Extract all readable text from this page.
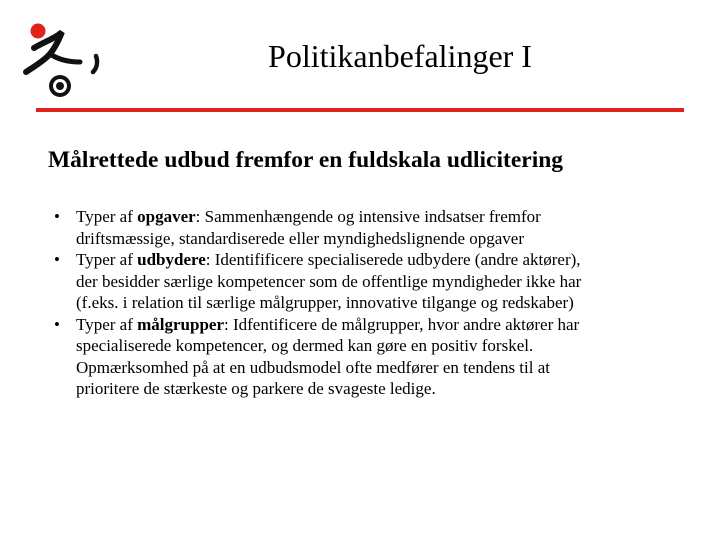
Politikanbefalinger I
Målrettede udbud fremfor en fuldskala udlicitering
• Typer af opgaver: Sammenhængende og intensive indsatser fremfor
driftsmæssige, standardiserede eller myndighedslignende opgaver
• Typer af udbydere: Identifificere specialiserede udbydere (andre aktører),
der besidder særlige kompetencer som de offentlige myndigheder ikke har
(f.eks. i relation til særlige målgrupper, innovative tilgange og redskaber)
• Typer af målgrupper: Idfentificere de målgrupper, hvor andre aktører har
specialiserede kompetencer, og dermed kan gøre en positiv forskel.
Opmærksomhed på at en udbudsmodel ofte medfører en tendens til at
prioritere de stærkeste og parkere de svageste ledige.
